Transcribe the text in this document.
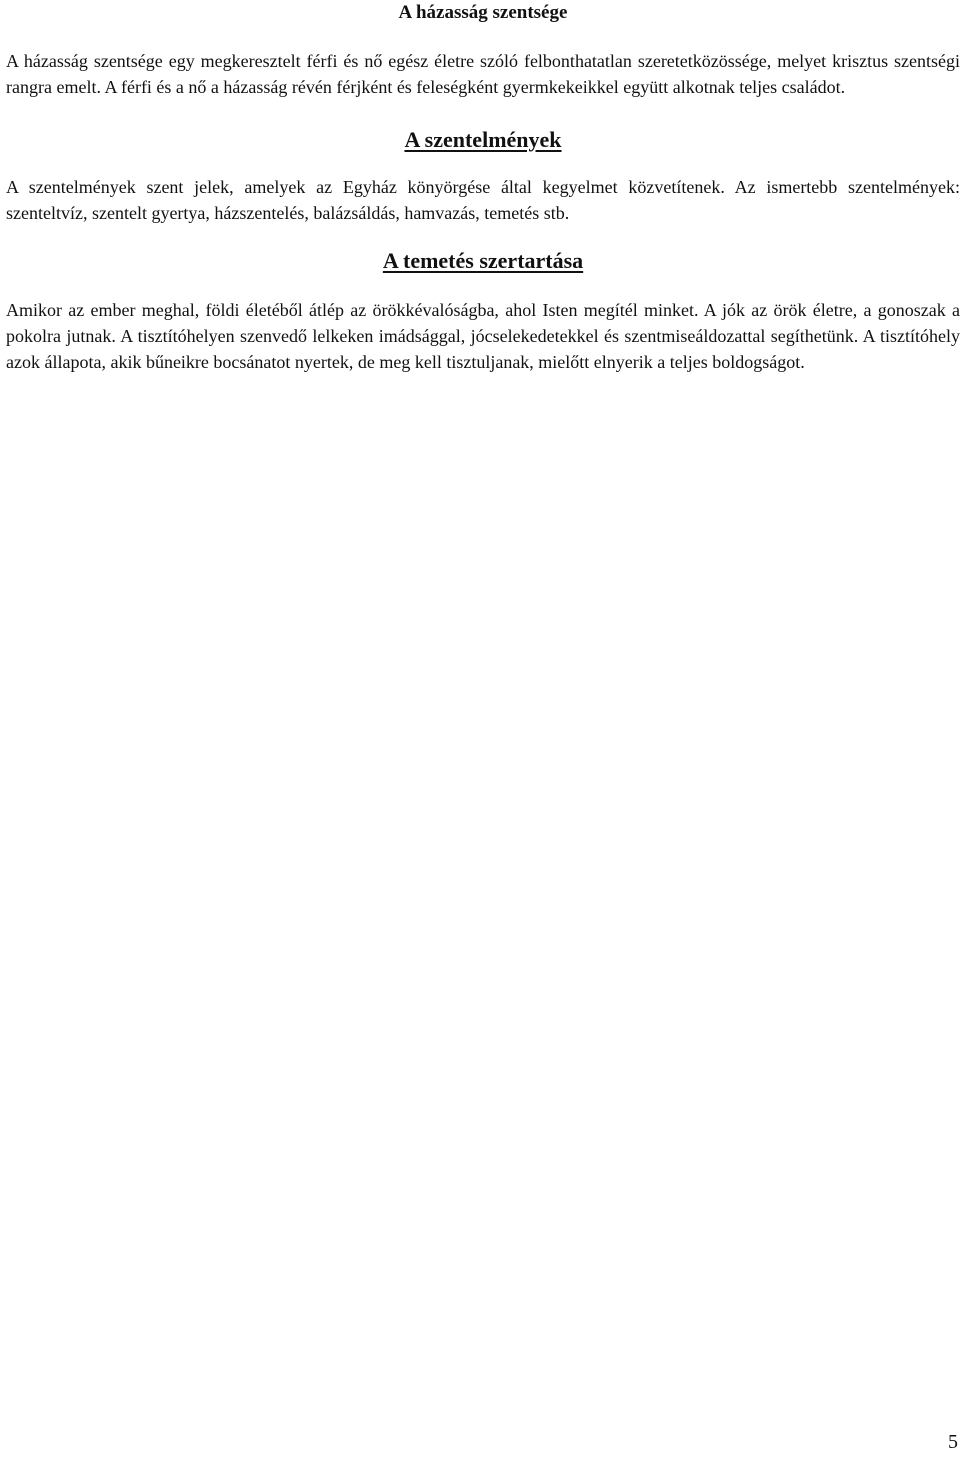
A házasság szentsége

A házasság szentsége egy megkeresztelt férfi és nő egész életre szóló felbonthatatlan szeretetközössége, melyet krisztus szentségi rangra emelt. A férfi és a nő a házasság révén férjként és feleségként gyermkekeikkel együtt alkotnak teljes családot.

A szentelmények

A szentelmények szent jelek, amelyek az Egyház könyörgése által kegyelmet közvetítenek. Az ismertebb szentelmények: szenteltvíz, szentelt gyertya, házszentelés, balázsáldás, hamvazás, temetés stb.

A temetés szertartása

Amikor az ember meghal, földi életéből átlép az örökkévalóságba, ahol Isten megítél minket. A jók az örök életre, a gonoszak a pokolra jutnak. A tisztítóhelyen szenvedő lelkeken imádsággal, jócselekedetekkel és szentmiseáldozattal segíthetünk. A tisztítóhely azok állapota, akik bűneikre bocsánatot nyertek, de meg kell tisztuljanak, mielőtt elnyerik a teljes boldogságot.

5
